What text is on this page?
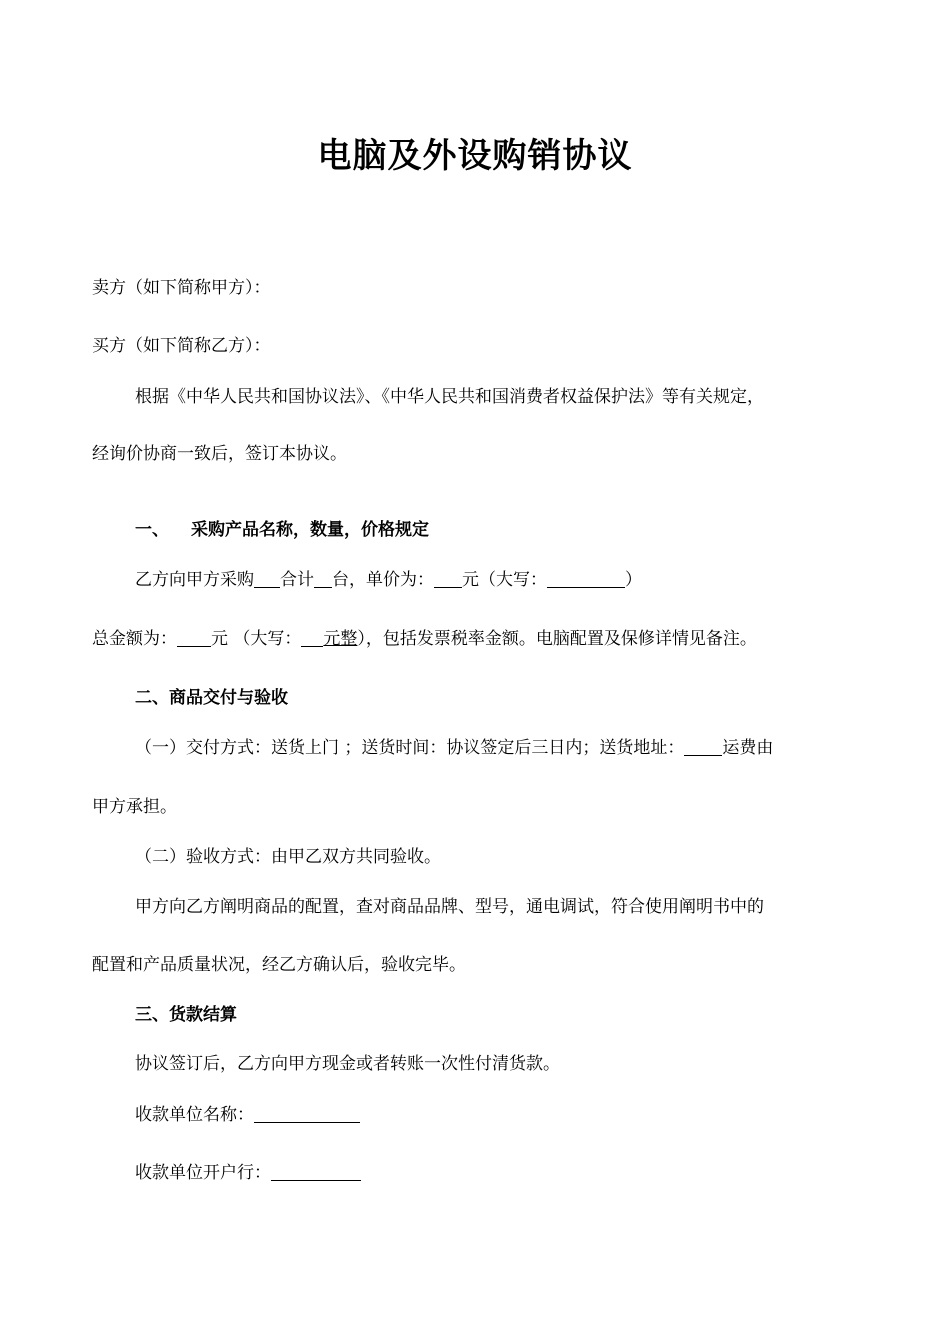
电脑及外设购销协议

卖方（如下简称甲方）：

买方（如下简称乙方）：

根据《中华人民共和国协议法》、《中华人民共和国消费者权益保护法》等有关规定，

经询价协商一致后，签订本协议。

一、 采购产品名称，数量，价格规定

乙方向甲方采购 合计 台，单价为： 元（大写：	）

总金额为： 元 （大写： 元整），包括发票税率金额。电脑配置及保修详情见备注。

二、商品交付与验收

（一）交付方式：送货上门 ；送货时间：协议签定后三日内；送货地址： 运费由

甲方承担。

（二）验收方式：由甲乙双方共同验收。

甲方向乙方阐明商品的配置，查对商品品牌、型号，通电调试，符合使用阐明书中的

配置和产品质量状况，经乙方确认后，验收完毕。

三、货款结算

协议签订后，乙方向甲方现金或者转账一次性付清货款。

收款单位名称：

收款单位开户行：
